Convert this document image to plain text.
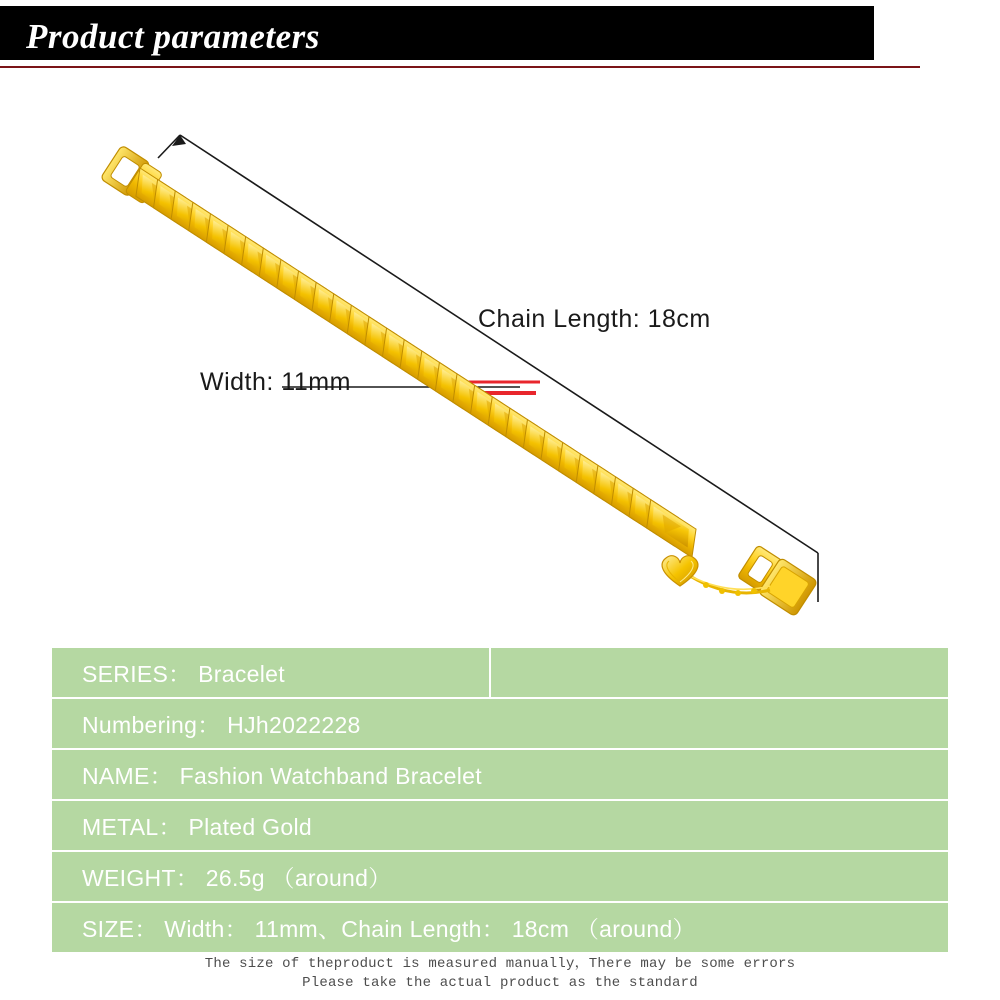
Product parameters
Chain Length: 18cm
Width: 11mm
SERIES： Bracelet
Numbering： HJh2022228
NAME： Fashion Watchband Bracelet
METAL： Plated Gold
WEIGHT： 26.5g （around）
SIZE： Width： 11mm、Chain Length： 18cm （around）
The size of theproduct is measured manually，There may be some errors
Please take the actual product as the standard
